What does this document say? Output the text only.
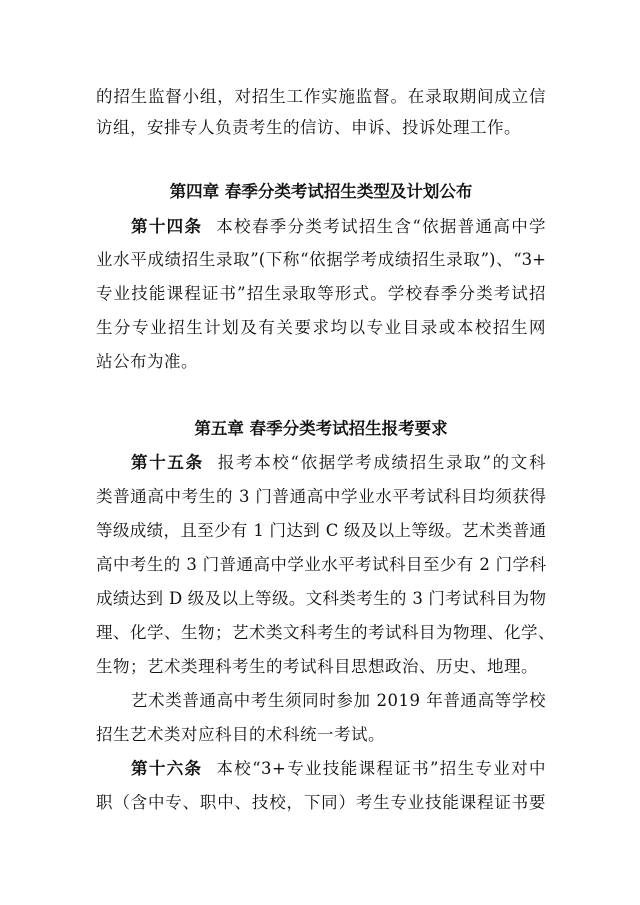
的招生监督小组，对招生工作实施监督。在录取期间成立信
访组，安排专人负责考生的信访、申诉、投诉处理工作。
第四章 春季分类考试招生类型及计划公布
第十四条 本校春季分类考试招生含“依据普通高中学
业水平成绩招生录取”(下称“依据学考成绩招生录取”)、“3+
专业技能课程证书”招生录取等形式。学校春季分类考试招
生分专业招生计划及有关要求均以专业目录或本校招生网
站公布为准。
第五章 春季分类考试招生报考要求
第十五条 报考本校“依据学考成绩招生录取”的文科
类普通高中考生的 3 门普通高中学业水平考试科目均须获得
等级成绩，且至少有 1 门达到 C 级及以上等级。艺术类普通
高中考生的 3 门普通高中学业水平考试科目至少有 2 门学科
成绩达到 D 级及以上等级。文科类考生的 3 门考试科目为物
理、化学、生物；艺术类文科考生的考试科目为物理、化学、
生物；艺术类理科考生的考试科目思想政治、历史、地理。
艺术类普通高中考生须同时参加 2019 年普通高等学校
招生艺术类对应科目的术科统一考试。
第十六条 本校“3+专业技能课程证书”招生专业对中
职（含中专、职中、技校，下同）考生专业技能课程证书要
